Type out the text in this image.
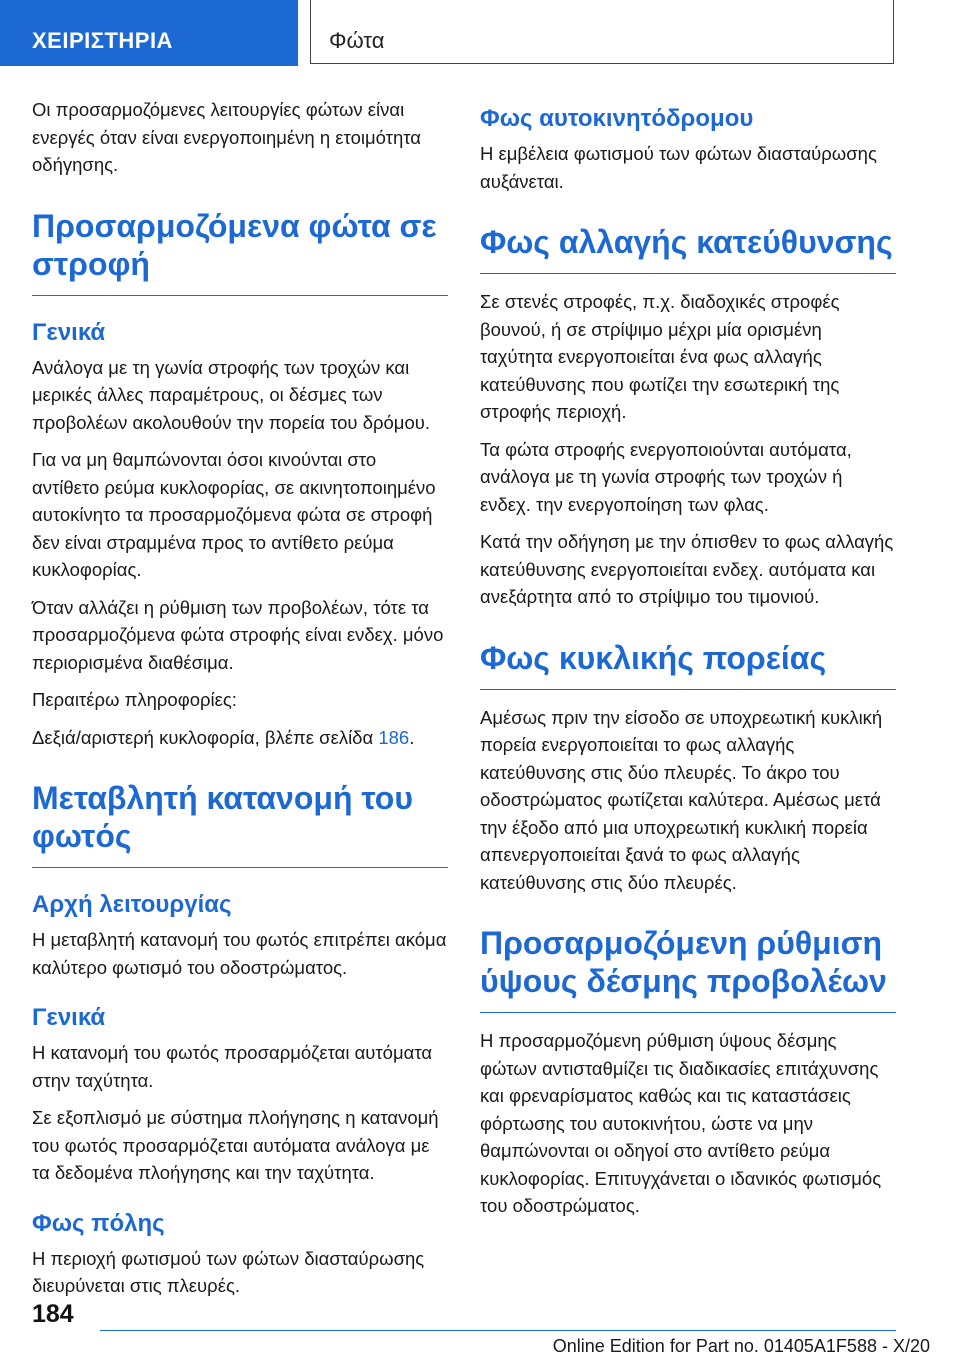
ΧΕΙΡΙΣΤΗΡΙΑ	Φώτα

Οι προσαρμοζόμενες λειτουργίες φώτων είναι ενεργές όταν είναι ενεργοποιημένη η ετοιμότητα οδήγησης.

Προσαρμοζόμενα φώτα σε στροφή
Γενικά

Ανάλογα με τη γωνία στροφής των τροχών και μερικές άλλες παραμέτρους, οι δέσμες των προβολέων ακολουθούν την πορεία του δρόμου.

Για να μη θαμπώνονται όσοι κινούνται στο αντίθετο ρεύμα κυκλοφορίας, σε ακινητοποιημένο αυτοκίνητο τα προσαρμοζόμενα φώτα σε στροφή δεν είναι στραμμένα προς το αντίθετο ρεύμα κυκλοφορίας.

Όταν αλλάζει η ρύθμιση των προβολέων, τότε τα προσαρμοζόμενα φώτα στροφής είναι ενδεχ. μόνο περιορισμένα διαθέσιμα.

Περαιτέρω πληροφορίες:

Δεξιά/αριστερή κυκλοφορία, βλέπε σελίδα 186.

Μεταβλητή κατανομή του φωτός
Αρχή λειτουργίας

Η μεταβλητή κατανομή του φωτός επιτρέπει ακόμα καλύτερο φωτισμό του οδοστρώματος.

Γενικά

Η κατανομή του φωτός προσαρμόζεται αυτόματα στην ταχύτητα.

Σε εξοπλισμό με σύστημα πλοήγησης η κατανομή του φωτός προσαρμόζεται αυτόματα ανάλογα με τα δεδομένα πλοήγησης και την ταχύτητα.

Φως πόλης

Η περιοχή φωτισμού των φώτων διασταύρωσης διευρύνεται στις πλευρές.

Φως αυτοκινητόδρομου

Η εμβέλεια φωτισμού των φώτων διασταύρωσης αυξάνεται.

Φως αλλαγής κατεύθυνσης

Σε στενές στροφές, π.χ. διαδοχικές στροφές βουνού, ή σε στρίψιμο μέχρι μία ορισμένη ταχύτητα ενεργοποιείται ένα φως αλλαγής κατεύθυνσης που φωτίζει την εσωτερική της στροφής περιοχή.

Τα φώτα στροφής ενεργοποιούνται αυτόματα, ανάλογα με τη γωνία στροφής των τροχών ή ενδεχ. την ενεργοποίηση των φλας.

Κατά την οδήγηση με την όπισθεν το φως αλλαγής κατεύθυνσης ενεργοποιείται ενδεχ. αυτόματα και ανεξάρτητα από το στρίψιμο του τιμονιού.

Φως κυκλικής πορείας

Αμέσως πριν την είσοδο σε υποχρεωτική κυκλική πορεία ενεργοποιείται το φως αλλαγής κατεύθυνσης στις δύο πλευρές. Το άκρο του οδοστρώματος φωτίζεται καλύτερα. Αμέσως μετά την έξοδο από μια υποχρεωτική κυκλική πορεία απενεργοποιείται ξανά το φως αλλαγής κατεύθυνσης στις δύο πλευρές.

Προσαρμοζόμενη ρύθμιση ύψους δέσμης προβολέων

Η προσαρμοζόμενη ρύθμιση ύψους δέσμης φώτων αντισταθμίζει τις διαδικασίες επιτάχυνσης και φρεναρίσματος καθώς και τις καταστάσεις φόρτωσης του αυτοκινήτου, ώστε να μην θαμπώνονται οι οδηγοί στο αντίθετο ρεύμα κυκλοφορίας. Επιτυγχάνεται ο ιδανικός φωτισμός του οδοστρώματος.

184
Online Edition for Part no. 01405A1F588 - X/20
